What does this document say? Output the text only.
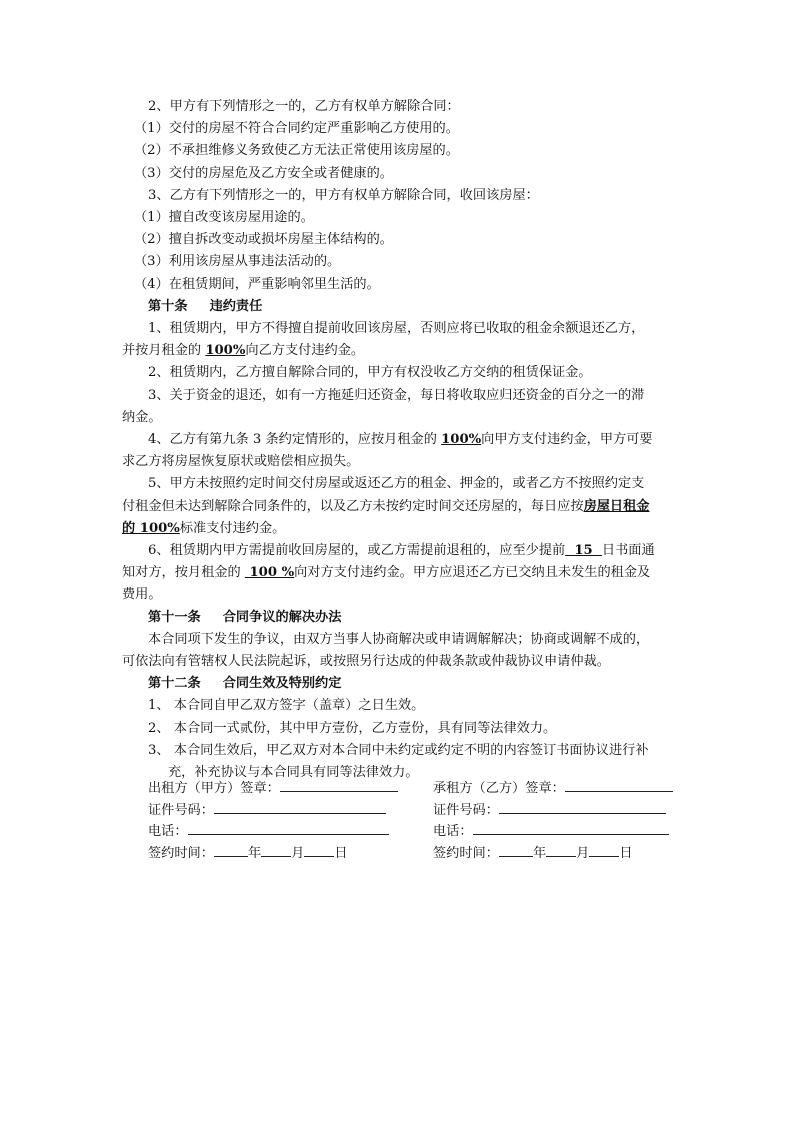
2、甲方有下列情形之一的，乙方有权单方解除合同：
（1）交付的房屋不符合合同约定严重影响乙方使用的。
（2）不承担维修义务致使乙方无法正常使用该房屋的。
（3）交付的房屋危及乙方安全或者健康的。
3、乙方有下列情形之一的，甲方有权单方解除合同，收回该房屋：
（1）擅自改变该房屋用途的。
（2）擅自拆改变动或损坏房屋主体结构的。
（3）利用该房屋从事违法活动的。
（4）在租赁期间，严重影响邻里生活的。
第十条 违约责任
1、租赁期内，甲方不得擅自提前收回该房屋，否则应将已收取的租金余额退还乙方，
并按月租金的 100%向乙方支付违约金。
2、租赁期内，乙方擅自解除合同的，甲方有权没收乙方交纳的租赁保证金。
3、关于资金的退还，如有一方拖延归还资金，每日将收取应归还资金的百分之一的滞
纳金。
4、乙方有第九条 3 条约定情形的，应按月租金的 100%向甲方支付违约金，甲方可要
求乙方将房屋恢复原状或赔偿相应损失。
5、甲方未按照约定时间交付房屋或返还乙方的租金、押金的，或者乙方不按照约定支
付租金但未达到解除合同条件的，以及乙方未按约定时间交还房屋的，每日应按房屋日租金
的 100%标准支付违约金。
6、租赁期内甲方需提前收回房屋的，或乙方需提前退租的，应至少提前  15  日书面通
知对方，按月租金的  100 %向对方支付违约金。甲方应退还乙方已交纳且未发生的租金及
费用。
第十一条 合同争议的解决办法
本合同项下发生的争议，由双方当事人协商解决或申请调解解决；协商或调解不成的，
可依法向有管辖权人民法院起诉，或按照另行达成的仲裁条款或仲裁协议申请仲裁。
第十二条 合同生效及特别约定
1、 本合同自甲乙双方签字（盖章）之日生效。
2、 本合同一式贰份，其中甲方壹份，乙方壹份，具有同等法律效力。
3、 本合同生效后，甲乙双方对本合同中未约定或约定不明的内容签订书面协议进行补
充，补充协议与本合同具有同等法律效力。
出租方（甲方）签章：	承租方（乙方）签章：
证件号码：	证件号码：
电话：	电话：
签约时间：	年 月 日	签约时间：	年 月 日
